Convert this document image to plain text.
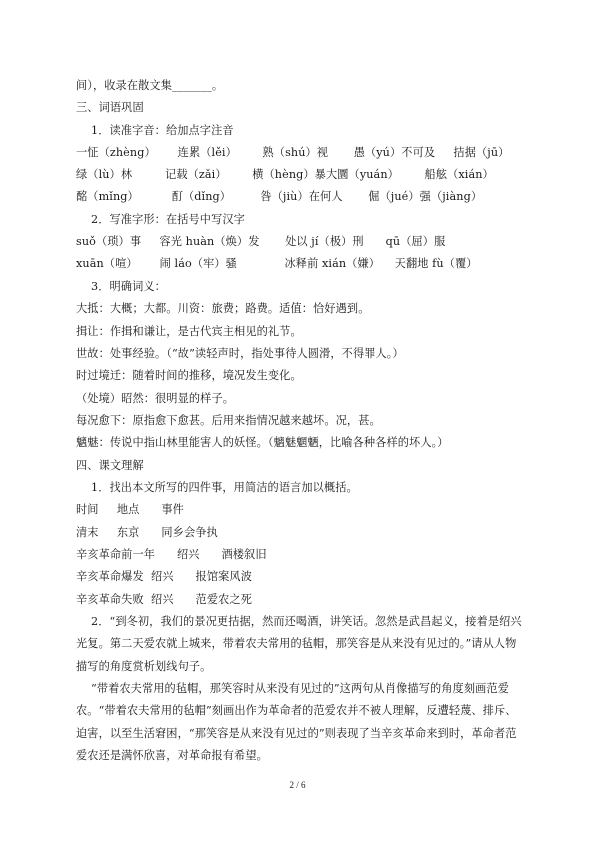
间），收录在散文集_______。
三、词语巩固
1．读准字音：给加点字注音
一怔（zhèng）      连累（lěi）       熟（shú）视       愚（yú）不可及     拮据（jū）
绿（lù）林         记载（zǎi）       横（hèng）暴大圜（yuán）       船舷（xián）
酩（mǐng）         酊（dǐng）        咎（jiù）在何人       倔（jué）强（jiàng）
2．写准字形：在括号中写汉字
suǒ（琐）事     容光 huàn（焕）发       处以 jí（极）刑      qū（屈）服
xuān（喧）      闹 láo（牢）骚             冰释前 xián（嫌）    天翻地 fù（覆）
3．明确词义：
大抵：大概；大都。川资：旅费；路费。适值：恰好遇到。
揖让：作揖和谦让，是古代宾主相见的礼节。
世故：处事经验。（“故”读轻声时，指处事待人圆滑，不得罪人。）
时过境迁：随着时间的推移，境况发生变化。
（处境）昭然：很明显的样子。
每况愈下：原指愈下愈甚。后用来指情况越来越坏。况，甚。
魑魅：传说中指山林里能害人的妖怪。（魑魅魍魉，比喻各种各样的坏人。）
四、课文理解
1．找出本文所写的四件事，用简洁的语言加以概括。
时间     地点      事件
清末     东京      同乡会争执
辛亥革命前一年      绍兴      酒楼叙旧
辛亥革命爆发  绍兴      报馆案风波
辛亥革命失败  绍兴      范爱农之死
2．“到冬初，我们的景况更拮据，然而还喝酒，讲笑话。忽然是武昌起义，接着是绍兴
光复。第二天爱农就上城来，带着农夫常用的毡帽，那笑容是从来没有见过的。”请从人物
描写的角度赏析划线句子。
“带着农夫常用的毡帽，那笑容时从来没有见过的”这两句从肖像描写的角度刻画范爱
农。“带着农夫常用的毡帽”刻画出作为革命者的范爱农并不被人理解，反遭轻蔑、排斥、
迫害，以至生活窘困，“那笑容是从来没有见过的”则表现了当辛亥革命来到时，革命者范
爱农还是满怀欣喜，对革命报有希望。
2 / 6
